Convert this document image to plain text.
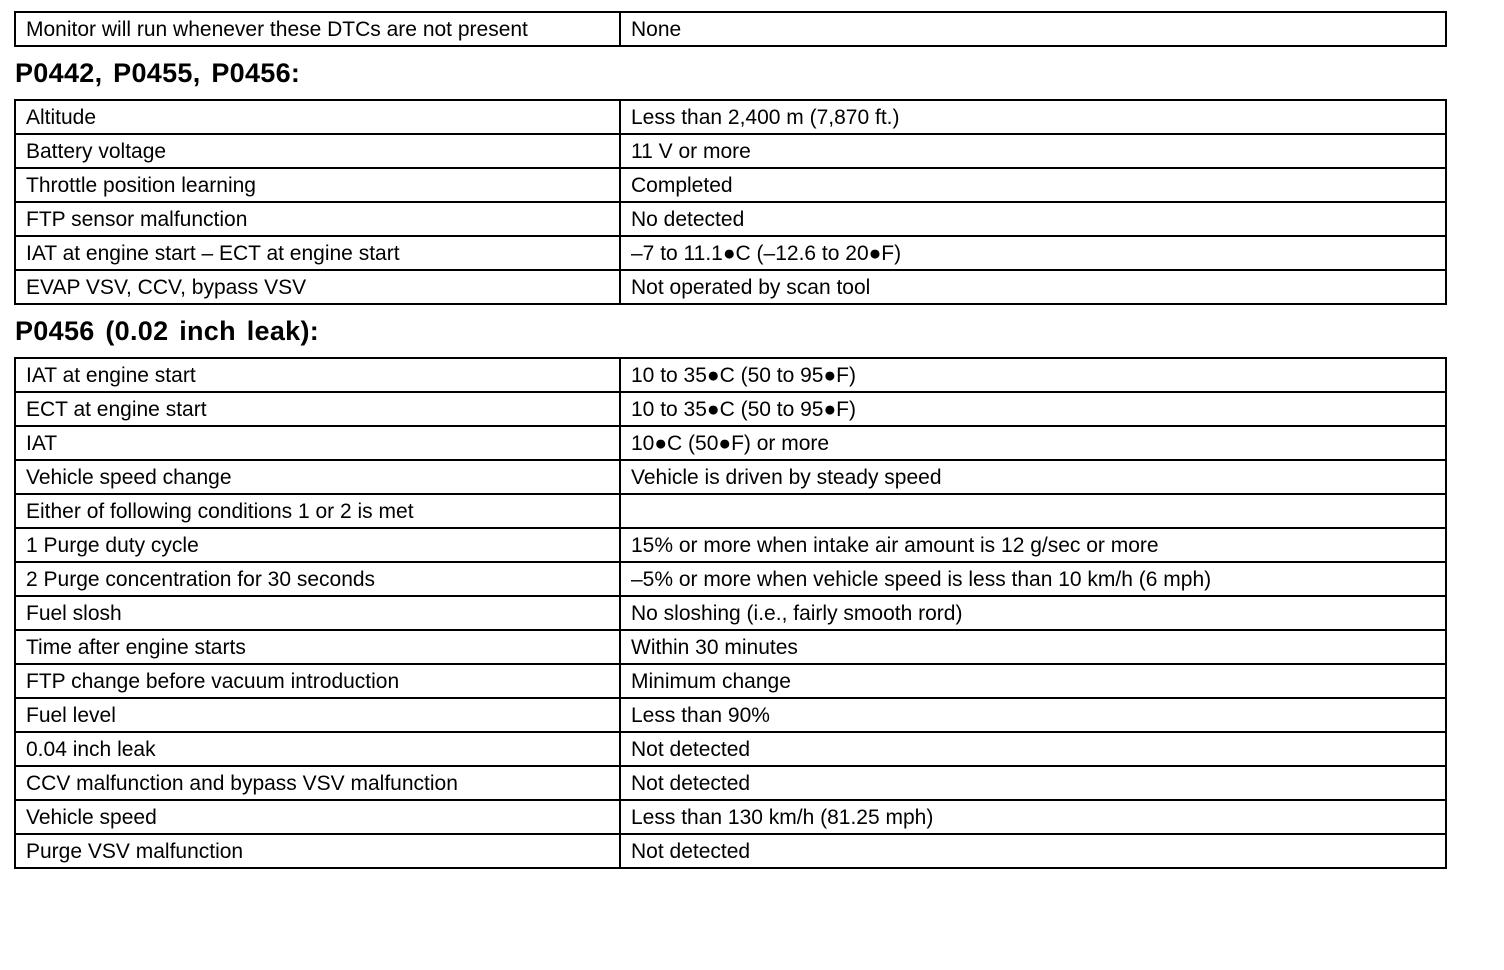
Monitor will run whenever these DTCs are not present	None
P0442, P0455, P0456:
Altitude	Less than 2,400 m (7,870 ft.)
Battery voltage	11 V or more
Throttle position learning	Completed
FTP sensor malfunction	No detected
IAT at engine start – ECT at engine start	–7 to 11.1●C (–12.6 to 20●F)
EVAP VSV, CCV, bypass VSV	Not operated by scan tool
P0456 (0.02 inch leak):
IAT at engine start	10 to 35●C (50 to 95●F)
ECT at engine start	10 to 35●C (50 to 95●F)
IAT	10●C (50●F) or more
Vehicle speed change	Vehicle is driven by steady speed
Either of following conditions 1 or 2 is met	
1 Purge duty cycle	15% or more when intake air amount is 12 g/sec or more
2 Purge concentration for 30 seconds	–5% or more when vehicle speed is less than 10 km/h (6 mph)
Fuel slosh	No sloshing (i.e., fairly smooth rord)
Time after engine starts	Within 30 minutes
FTP change before vacuum introduction	Minimum change
Fuel level	Less than 90%
0.04 inch leak	Not detected
CCV malfunction and bypass VSV malfunction	Not detected
Vehicle speed	Less than 130 km/h (81.25 mph)
Purge VSV malfunction	Not detected
